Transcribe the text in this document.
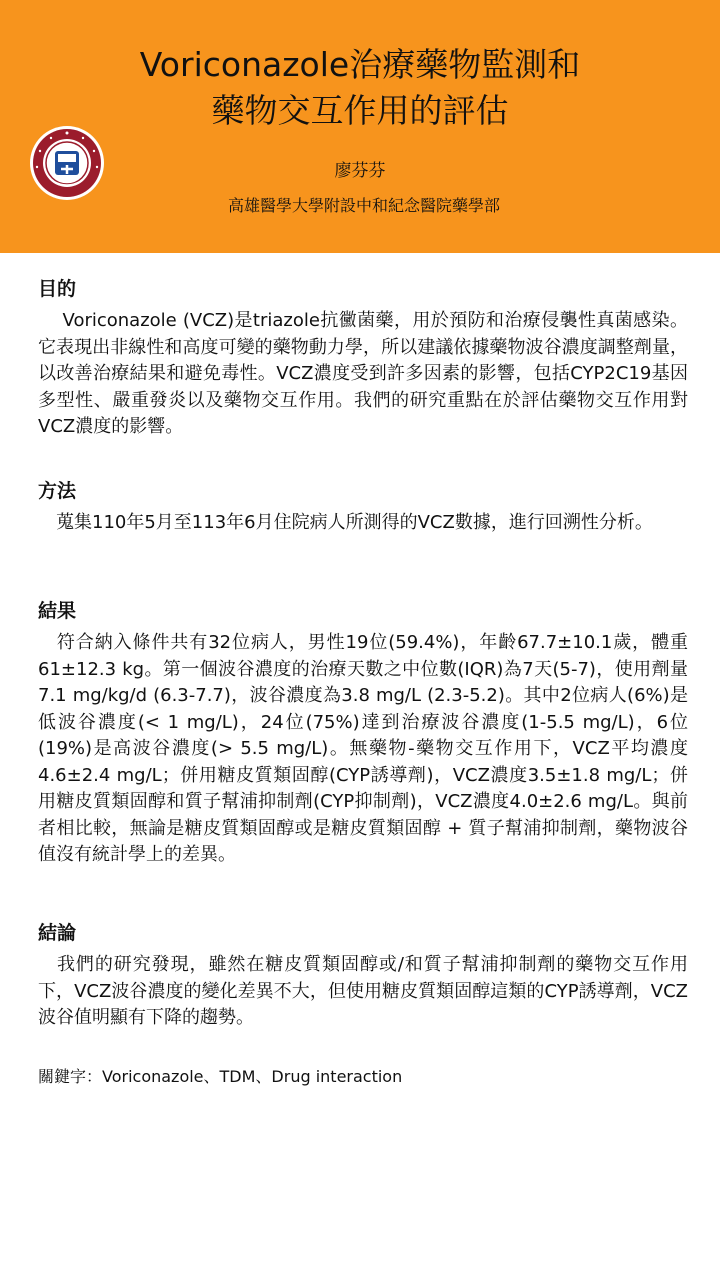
Voriconazole治療藥物監測和
藥物交互作用的評估
廖芬芬
高雄醫學大學附設中和紀念醫院藥學部
目的

　 Voriconazole (VCZ)是triazole抗黴菌藥，用於預防和治療侵襲性真菌感染。它表現出非線性和高度可變的藥物動力學，所以建議依據藥物波谷濃度調整劑量，以改善治療結果和避免毒性。VCZ濃度受到許多因素的影響，包括CYP2C19基因多型性、嚴重發炎以及藥物交互作用。我們的研究重點在於評估藥物交互作用對VCZ濃度的影響。

方法

　蒐集110年5月至113年6月住院病人所測得的VCZ數據，進行回溯性分析。

結果

　符合納入條件共有32位病人，男性19位(59.4%)，年齡67.7±10.1歲，體重61±12.3 kg。第一個波谷濃度的治療天數之中位數(IQR)為7天(5-7)，使用劑量7.1 mg/kg/d (6.3-7.7)，波谷濃度為3.8 mg/L (2.3-5.2)。其中2位病人(6%)是低波谷濃度(< 1 mg/L)，24位(75%)達到治療波谷濃度(1-5.5 mg/L)，6位(19%)是高波谷濃度(> 5.5 mg/L)。無藥物-藥物交互作用下，VCZ平均濃度4.6±2.4 mg/L；併用糖皮質類固醇(CYP誘導劑)，VCZ濃度3.5±1.8 mg/L；併用糖皮質類固醇和質子幫浦抑制劑(CYP抑制劑)，VCZ濃度4.0±2.6 mg/L。與前者相比較，無論是糖皮質類固醇或是糖皮質類固醇 + 質子幫浦抑制劑，藥物波谷值沒有統計學上的差異。

結論

　我們的研究發現，雖然在糖皮質類固醇或/和質子幫浦抑制劑的藥物交互作用下，VCZ波谷濃度的變化差異不大，但使用糖皮質類固醇這類的CYP誘導劑，VCZ波谷值明顯有下降的趨勢。

關鍵字：Voriconazole、TDM、Drug interaction
